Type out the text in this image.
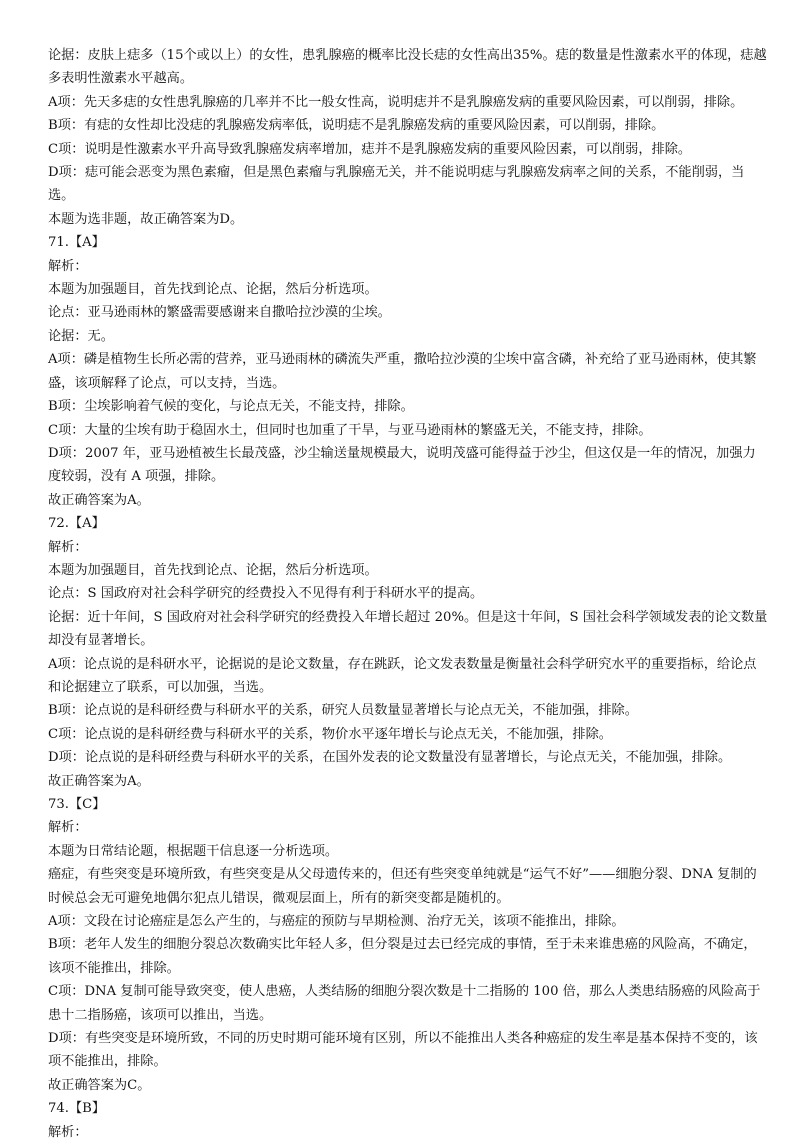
论据：皮肤上痣多（15个或以上）的女性，患乳腺癌的概率比没长痣的女性高出35%。痣的数量是性激素水平的体现，痣越多表明性激素水平越高。

A项：先天多痣的女性患乳腺癌的几率并不比一般女性高，说明痣并不是乳腺癌发病的重要风险因素，可以削弱，排除。

B项：有痣的女性却比没痣的乳腺癌发病率低，说明痣不是乳腺癌发病的重要风险因素，可以削弱，排除。

C项：说明是性激素水平升高导致乳腺癌发病率增加，痣并不是乳腺癌发病的重要风险因素，可以削弱，排除。

D项：痣可能会恶变为黑色素瘤，但是黑色素瘤与乳腺癌无关，并不能说明痣与乳腺癌发病率之间的关系，不能削弱，当选。

本题为选非题，故正确答案为D。

71.【A】

解析：

本题为加强题目，首先找到论点、论据，然后分析选项。

论点：亚马逊雨林的繁盛需要感谢来自撒哈拉沙漠的尘埃。

论据：无。

A项：磷是植物生长所必需的营养，亚马逊雨林的磷流失严重，撒哈拉沙漠的尘埃中富含磷，补充给了亚马逊雨林，使其繁盛，该项解释了论点，可以支持，当选。

B项：尘埃影响着气候的变化，与论点无关，不能支持，排除。

C项：大量的尘埃有助于稳固水土，但同时也加重了干旱，与亚马逊雨林的繁盛无关，不能支持，排除。

D项：2007 年，亚马逊植被生长最茂盛，沙尘输送量规模最大，说明茂盛可能得益于沙尘，但这仅是一年的情况，加强力度较弱，没有 A 项强，排除。

故正确答案为A。

72.【A】

解析：

本题为加强题目，首先找到论点、论据，然后分析选项。

论点：S 国政府对社会科学研究的经费投入不见得有利于科研水平的提高。

论据：近十年间，S 国政府对社会科学研究的经费投入年增长超过 20%。但是这十年间，S 国社会科学领域发表的论文数量却没有显著增长。

A项：论点说的是科研水平，论据说的是论文数量，存在跳跃，论文发表数量是衡量社会科学研究水平的重要指标，给论点和论据建立了联系，可以加强，当选。

B项：论点说的是科研经费与科研水平的关系，研究人员数量显著增长与论点无关，不能加强，排除。

C项：论点说的是科研经费与科研水平的关系，物价水平逐年增长与论点无关，不能加强，排除。

D项：论点说的是科研经费与科研水平的关系，在国外发表的论文数量没有显著增长，与论点无关，不能加强，排除。

故正确答案为A。

73.【C】

解析：

本题为日常结论题，根据题干信息逐一分析选项。

癌症，有些突变是环境所致，有些突变是从父母遗传来的，但还有些突变单纯就是“运气不好”——细胞分裂、DNA 复制的时候总会无可避免地偶尔犯点儿错误，微观层面上，所有的新突变都是随机的。

A项：文段在讨论癌症是怎么产生的，与癌症的预防与早期检测、治疗无关，该项不能推出，排除。

B项：老年人发生的细胞分裂总次数确实比年轻人多，但分裂是过去已经完成的事情，至于未来谁患癌的风险高，不确定，该项不能推出，排除。

C项：DNA 复制可能导致突变，使人患癌，人类结肠的细胞分裂次数是十二指肠的 100 倍，那么人类患结肠癌的风险高于患十二指肠癌，该项可以推出，当选。

D项：有些突变是环境所致，不同的历史时期可能环境有区别，所以不能推出人类各种癌症的发生率是基本保持不变的，该项不能推出，排除。

故正确答案为C。

74.【B】

解析：
